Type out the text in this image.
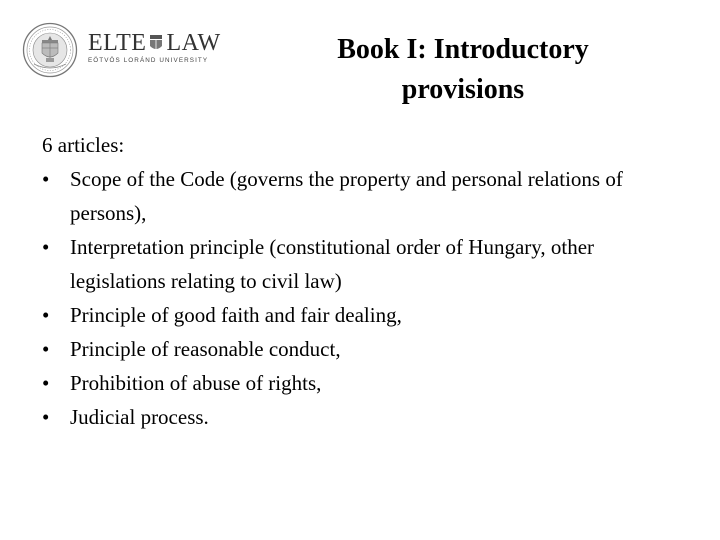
ELTE LAW
EÖTVÖS LORÁND UNIVERSITY	Book I: Introductory
provisions

6 articles:

• Scope of the Code (governs the property and personal relations of persons),
• Interpretation principle (constitutional order of Hungary, other legislations relating to civil law)
• Principle of good faith and fair dealing,
• Principle of reasonable conduct,
• Prohibition of abuse of rights,
• Judicial process.
